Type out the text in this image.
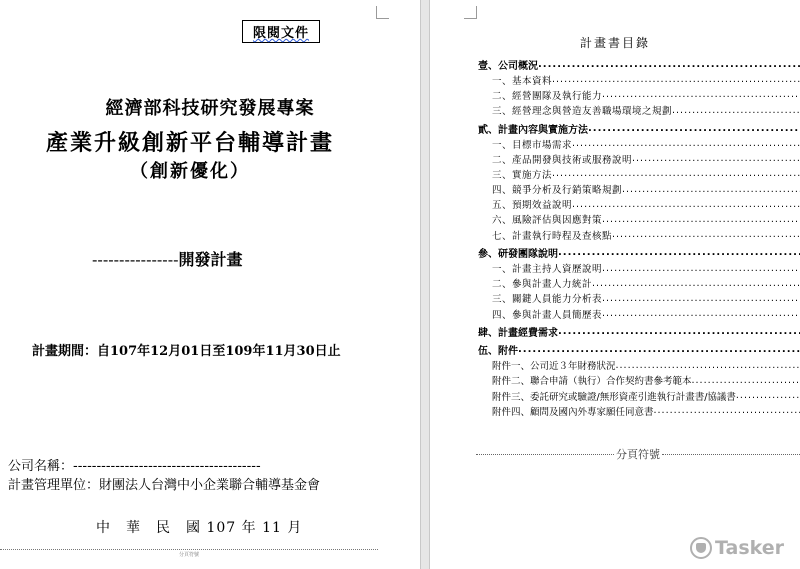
限閱文件
經濟部科技研究發展專案
產業升級創新平台輔導計畫
（創新優化）
----------------開發計畫
計畫期間：自107年12月01日至109年11月30日止
公司名稱：----------------------------------------
計畫管理單位：財團法人台灣中小企業聯合輔導基金會
中　華　民　國 107 年 11 月
分頁符號
計畫書目錄
壹、公司概況
.....
一、基本資料
.....
二、經營團隊及執行能力
.....
三、經營理念與營造友善職場環境之規劃
.....
貳、計畫內容與實施方法
.....
一、目標市場需求
.....
二、產品開發與技術或服務說明
.....
三、實施方法
.....
四、競爭分析及行銷策略規劃
.....
五、預期效益說明
.....
六、風險評估與因應對策
.....
七、計畫執行時程及查核點
.....
參、研發團隊說明
.....
一、計畫主持人資歷說明
.....
二、參與計畫人力統計
.....
三、關鍵人員能力分析表
.....
四、參與計畫人員簡歷表
.....
肆、計畫經費需求
.....
伍、附件
.....
附件一、公司近３年財務狀況
.....
附件二、聯合申請（執行）合作契約書參考範本
.....
附件三、委託研究或驗證/無形資產引進執行計畫書/協議書
.....
附件四、顧問及國內外專家願任同意書
.....
分頁符號
Tasker
